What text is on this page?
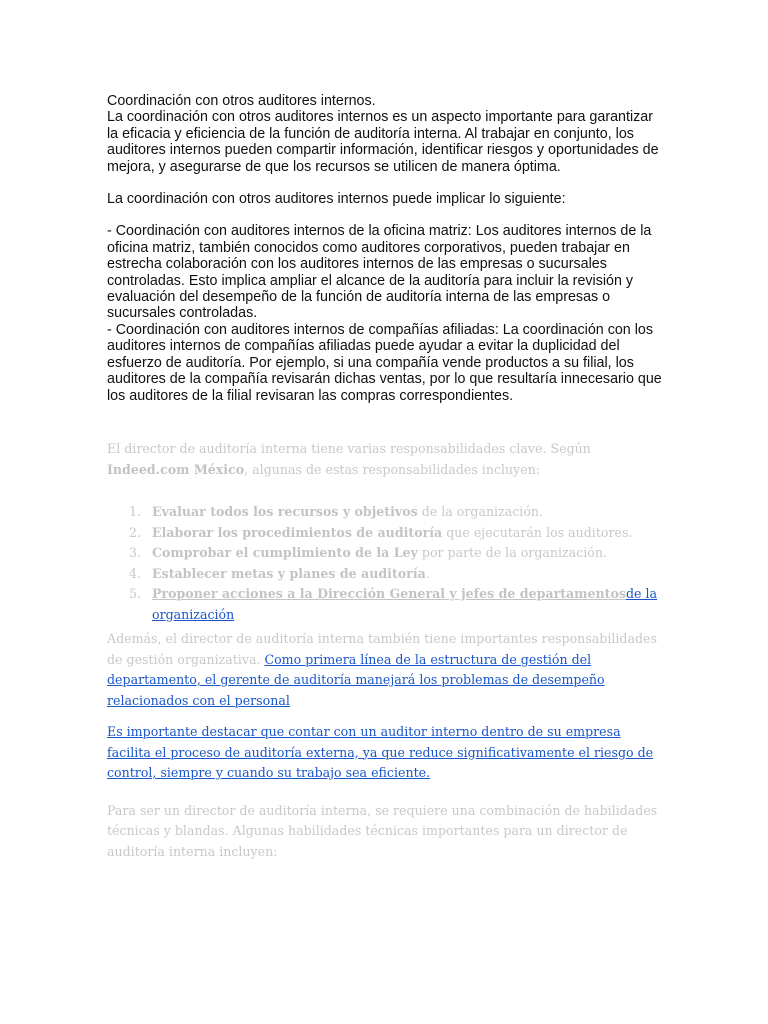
Coordinación con otros auditores internos.

La coordinación con otros auditores internos es un aspecto importante para garantizar la eficacia y eficiencia de la función de auditoría interna. Al trabajar en conjunto, los auditores internos pueden compartir información, identificar riesgos y oportunidades de mejora, y asegurarse de que los recursos se utilicen de manera óptima.

La coordinación con otros auditores internos puede implicar lo siguiente:

- Coordinación con auditores internos de la oficina matriz: Los auditores internos de la oficina matriz, también conocidos como auditores corporativos, pueden trabajar en estrecha colaboración con los auditores internos de las empresas o sucursales controladas. Esto implica ampliar el alcance de la auditoría para incluir la revisión y evaluación del desempeño de la función de auditoría interna de las empresas o sucursales controladas.

- Coordinación con auditores internos de compañías afiliadas: La coordinación con los auditores internos de compañías afiliadas puede ayudar a evitar la duplicidad del esfuerzo de auditoría. Por ejemplo, si una compañía vende productos a su filial, los auditores de la compañía revisarán dichas ventas, por lo que resultaría innecesario que los auditores de la filial revisaran las compras correspondientes.

El director de auditoría interna tiene varias responsabilidades clave. Según Indeed.com México, algunas de estas responsabilidades incluyen:

1. Evaluar todos los recursos y objetivos de la organización.
2. Elaborar los procedimientos de auditoría que ejecutarán los auditores.
3. Comprobar el cumplimiento de la Ley por parte de la organización.
4. Establecer metas y planes de auditoría.
5. Proponer acciones a la Dirección General y jefes de departamentosde la organización

Además, el director de auditoría interna también tiene importantes responsabilidades de gestión organizativa. Como primera línea de la estructura de gestión del departamento, el gerente de auditoría manejará los problemas de desempeño relacionados con el personal

Es importante destacar que contar con un auditor interno dentro de su empresa facilita el proceso de auditoría externa, ya que reduce significativamente el riesgo de control, siempre y cuando su trabajo sea eficiente.

Para ser un director de auditoría interna, se requiere una combinación de habilidades técnicas y blandas. Algunas habilidades técnicas importantes para un director de auditoría interna incluyen:
